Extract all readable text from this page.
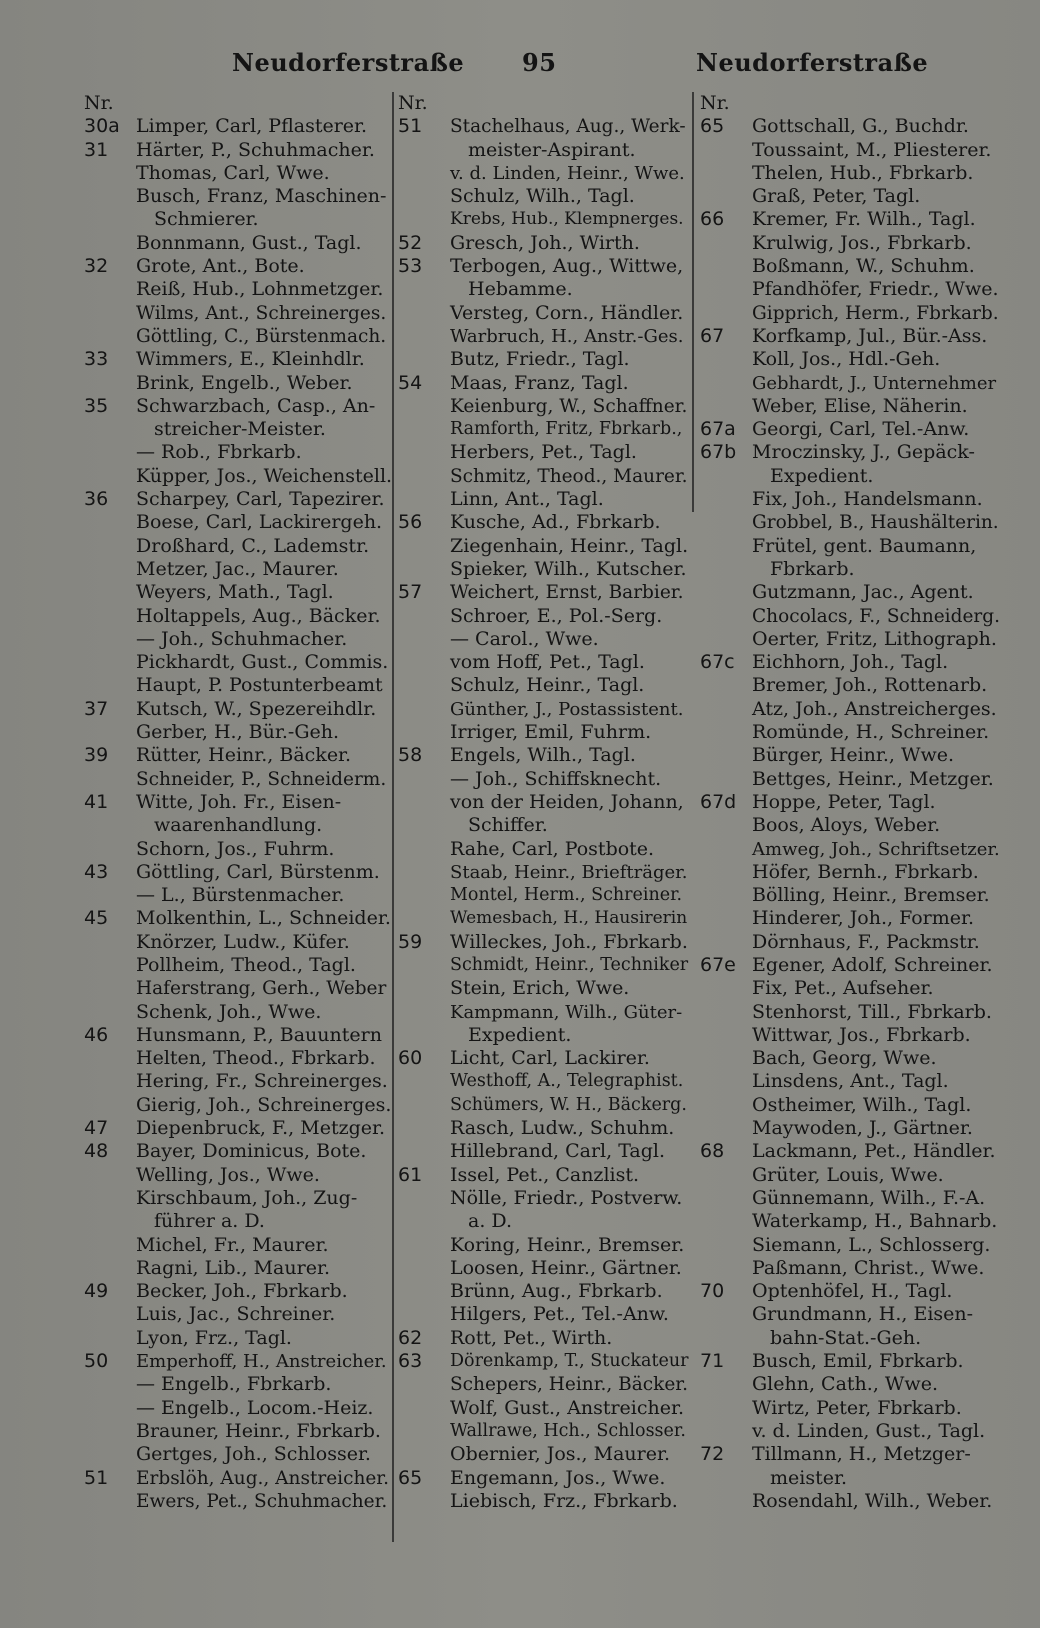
Neudorferstraße 95	Neudorferstraße
Nr.
30a Limper, Carl, Pflasterer.
31 Härter, P., Schuhmacher.
Thomas, Carl, Wwe.
Busch, Franz, Maschinen-
Schmierer.
Bonnmann, Gust., Tagl.
32 Grote, Ant., Bote.
Reiß, Hub., Lohnmetzger.
Wilms, Ant., Schreinerges.
Göttling, C., Bürstenmach.
33 Wimmers, E., Kleinhdlr.
Brink, Engelb., Weber.
35 Schwarzbach, Casp., An-
streicher-Meister.
— Rob., Fbrkarb.
Küpper, Jos., Weichenstell.
36 Scharpey, Carl, Tapezirer.
Boese, Carl, Lackirergeh.
Droßhard, C., Lademstr.
Metzer, Jac., Maurer.
Weyers, Math., Tagl.
Holtappels, Aug., Bäcker.
— Joh., Schuhmacher.
Pickhardt, Gust., Commis.
Haupt, P. Postunterbeamt
37 Kutsch, W., Spezereihdlr.
Gerber, H., Bür.-Geh.
39 Rütter, Heinr., Bäcker.
Schneider, P., Schneiderm.
41 Witte, Joh. Fr., Eisen-
waarenhandlung.
Schorn, Jos., Fuhrm.
43 Göttling, Carl, Bürstenm.
— L., Bürstenmacher.
45 Molkenthin, L., Schneider.
Knörzer, Ludw., Küfer.
Pollheim, Theod., Tagl.
Haferstrang, Gerh., Weber
Schenk, Joh., Wwe.
46 Hunsmann, P., Bauuntern
Helten, Theod., Fbrkarb.
Hering, Fr., Schreinerges.
Gierig, Joh., Schreinerges.
47 Diepenbruck, F., Metzger.
48 Bayer, Dominicus, Bote.
Welling, Jos., Wwe.
Kirschbaum, Joh., Zug-
führer a. D.
Michel, Fr., Maurer.
Ragni, Lib., Maurer.
49 Becker, Joh., Fbrkarb.
Luis, Jac., Schreiner.
Lyon, Frz., Tagl.
50 Emperhoff, H., Anstreicher.
— Engelb., Fbrkarb.
— Engelb., Locom.-Heiz.
Brauner, Heinr., Fbrkarb.
Gertges, Joh., Schlosser.
51 Erbslöh, Aug., Anstreicher.
Ewers, Pet., Schuhmacher.
Nr.
51 Stachelhaus, Aug., Werk-
meister-Aspirant.
v. d. Linden, Heinr., Wwe.
Schulz, Wilh., Tagl.
Krebs, Hub., Klempnerges.
52 Gresch, Joh., Wirth.
53 Terbogen, Aug., Wittwe,
Hebamme.
Versteg, Corn., Händler.
Warbruch, H., Anstr.-Ges.
Butz, Friedr., Tagl.
54 Maas, Franz, Tagl.
Keienburg, W., Schaffner.
Ramforth, Fritz, Fbrkarb.,
Herbers, Pet., Tagl.
Schmitz, Theod., Maurer.
Linn, Ant., Tagl.
56 Kusche, Ad., Fbrkarb.
Ziegenhain, Heinr., Tagl.
Spieker, Wilh., Kutscher.
57 Weichert, Ernst, Barbier.
Schroer, E., Pol.-Serg.
— Carol., Wwe.
vom Hoff, Pet., Tagl.
Schulz, Heinr., Tagl.
Günther, J., Postassistent.
Irriger, Emil, Fuhrm.
58 Engels, Wilh., Tagl.
— Joh., Schiffsknecht.
von der Heiden, Johann,
Schiffer.
Rahe, Carl, Postbote.
Staab, Heinr., Briefträger.
Montel, Herm., Schreiner.
Wemesbach, H., Hausirerin
59 Willeckes, Joh., Fbrkarb.
Schmidt, Heinr., Techniker
Stein, Erich, Wwe.
Kampmann, Wilh., Güter-
Expedient.
60 Licht, Carl, Lackirer.
Westhoff, A., Telegraphist.
Schümers, W. H., Bäckerg.
Rasch, Ludw., Schuhm.
Hillebrand, Carl, Tagl.
61 Issel, Pet., Canzlist.
Nölle, Friedr., Postverw.
a. D.
Koring, Heinr., Bremser.
Loosen, Heinr., Gärtner.
Brünn, Aug., Fbrkarb.
Hilgers, Pet., Tel.-Anw.
62 Rott, Pet., Wirth.
63 Dörenkamp, T., Stuckateur
Schepers, Heinr., Bäcker.
Wolf, Gust., Anstreicher.
Wallrawe, Hch., Schlosser.
Obernier, Jos., Maurer.
65 Engemann, Jos., Wwe.
Liebisch, Frz., Fbrkarb.
Nr.
65 Gottschall, G., Buchdr.
Toussaint, M., Pliesterer.
Thelen, Hub., Fbrkarb.
Graß, Peter, Tagl.
66 Kremer, Fr. Wilh., Tagl.
Krulwig, Jos., Fbrkarb.
Boßmann, W., Schuhm.
Pfandhöfer, Friedr., Wwe.
Gipprich, Herm., Fbrkarb.
67 Korfkamp, Jul., Bür.-Ass.
Koll, Jos., Hdl.-Geh.
Gebhardt, J., Unternehmer
Weber, Elise, Näherin.
67a Georgi, Carl, Tel.-Anw.
67b Mroczinsky, J., Gepäck-
Expedient.
Fix, Joh., Handelsmann.
Grobbel, B., Haushälterin.
Frütel, gent. Baumann,
Fbrkarb.
Gutzmann, Jac., Agent.
Chocolacs, F., Schneiderg.
Oerter, Fritz, Lithograph.
67c Eichhorn, Joh., Tagl.
Bremer, Joh., Rottenarb.
Atz, Joh., Anstreicherges.
Romünde, H., Schreiner.
Bürger, Heinr., Wwe.
Bettges, Heinr., Metzger.
67d Hoppe, Peter, Tagl.
Boos, Aloys, Weber.
Amweg, Joh., Schriftsetzer.
Höfer, Bernh., Fbrkarb.
Bölling, Heinr., Bremser.
Hinderer, Joh., Former.
Dörnhaus, F., Packmstr.
67e Egener, Adolf, Schreiner.
Fix, Pet., Aufseher.
Stenhorst, Till., Fbrkarb.
Wittwar, Jos., Fbrkarb.
Bach, Georg, Wwe.
Linsdens, Ant., Tagl.
Ostheimer, Wilh., Tagl.
Maywoden, J., Gärtner.
68 Lackmann, Pet., Händler.
Grüter, Louis, Wwe.
Günnemann, Wilh., F.-A.
Waterkamp, H., Bahnarb.
Siemann, L., Schlosserg.
Paßmann, Christ., Wwe.
70 Optenhöfel, H., Tagl.
Grundmann, H., Eisen-
bahn-Stat.-Geh.
71 Busch, Emil, Fbrkarb.
Glehn, Cath., Wwe.
Wirtz, Peter, Fbrkarb.
v. d. Linden, Gust., Tagl.
72 Tillmann, H., Metzger-
meister.
Rosendahl, Wilh., Weber.
